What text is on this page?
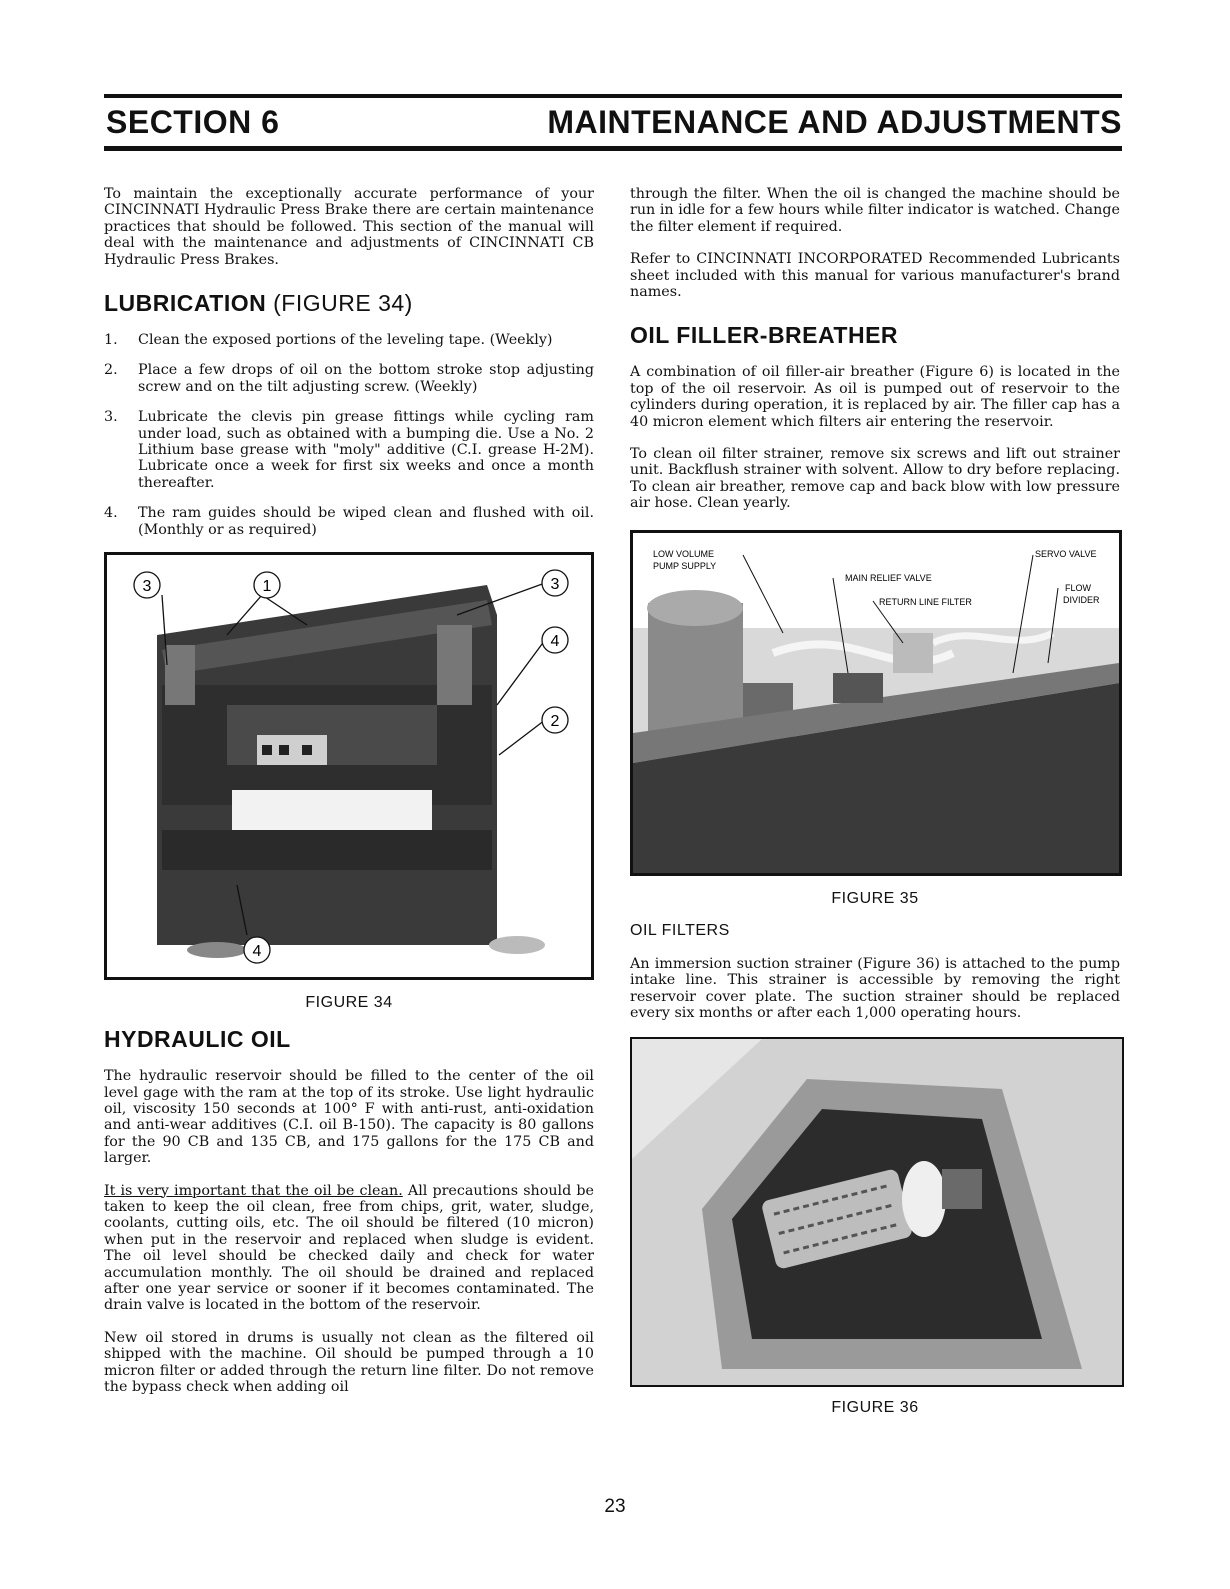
SECTION 6	MAINTENANCE AND ADJUSTMENTS

To maintain the exceptionally accurate performance of your CINCINNATI Hydraulic Press Brake there are certain maintenance practices that should be followed. This section of the manual will deal with the maintenance and adjustments of CINCINNATI CB Hydraulic Press Brakes.

LUBRICATION (FIGURE 34)
1.	Clean the exposed portions of the leveling tape. (Weekly)
2.	Place a few drops of oil on the bottom stroke stop adjusting screw and on the tilt adjusting screw. (Weekly)
3.	Lubricate the clevis pin grease fittings while cycling ram under load, such as obtained with a bumping die. Use a No. 2 Lithium base grease with "moly" additive (C.I. grease H-2M). Lubricate once a week for first six weeks and once a month thereafter.
4.	The ram guides should be wiped clean and flushed with oil. (Monthly or as required)
3	1	3
4
2
4
FIGURE 34
HYDRAULIC OIL

The hydraulic reservoir should be filled to the center of the oil level gage with the ram at the top of its stroke. Use light hydraulic oil, viscosity 150 seconds at 100° F with anti-rust, anti-oxidation and anti-wear additives (C.I. oil B-150). The capacity is 80 gallons for the 90 CB and 135 CB, and 175 gallons for the 175 CB and larger.

It is very important that the oil be clean. All precautions should be taken to keep the oil clean, free from chips, grit, water, sludge, coolants, cutting oils, etc. The oil should be filtered (10 micron) when put in the reservoir and replaced when sludge is evident. The oil level should be checked daily and check for water accumulation monthly. The oil should be drained and replaced after one year service or sooner if it becomes contaminated. The drain valve is located in the bottom of the reservoir.

New oil stored in drums is usually not clean as the filtered oil shipped with the machine. Oil should be pumped through a 10 micron filter or added through the return line filter. Do not remove the bypass check when adding oil

through the filter. When the oil is changed the machine should be run in idle for a few hours while filter indicator is watched. Change the filter element if required.

Refer to CINCINNATI INCORPORATED Recommended Lubricants sheet included with this manual for various manufacturer's brand names.

OIL FILLER-BREATHER

A combination of oil filler-air breather (Figure 6) is located in the top of the oil reservoir. As oil is pumped out of reservoir to the cylinders during operation, it is replaced by air. The filler cap has a 40 micron element which filters air entering the reservoir.

To clean oil filter strainer, remove six screws and lift out strainer unit. Backflush strainer with solvent. Allow to dry before replacing. To clean air breather, remove cap and back blow with low pressure air hose. Clean yearly.

LOW VOLUME
PUMP SUPPLY
MAIN RELIEF VALVE
RETURN LINE FILTER
SERVO VALVE
FLOW
DIVIDER
FIGURE 35
OIL FILTERS

An immersion suction strainer (Figure 36) is attached to the pump intake line. This strainer is accessible by removing the right reservoir cover plate. The suction strainer should be replaced every six months or after each 1,000 operating hours.

FIGURE 36
23
